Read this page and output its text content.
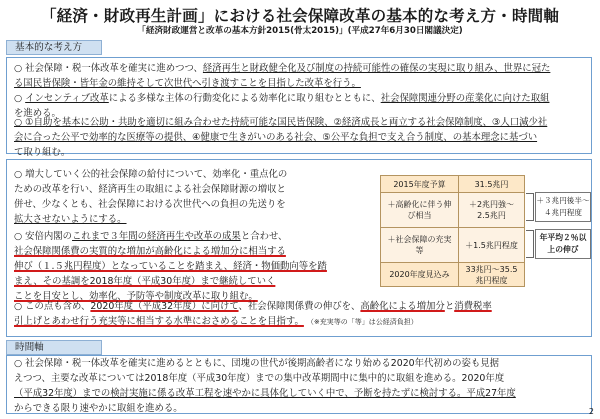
「経済・財政再生計画」における社会保障改革の基本的な考え方・時間軸
「経済財政運営と改革の基本方針2015(骨太2015)」(平成27年6月30日閣議決定)
基本的な考え方
○ 社会保障・税一体改革を確実に進めつつ、経済再生と財政健全化及び制度の持続可能性の確保の実現に取り組み、世界に冠た
る国民皆保険・皆年金の維持そして次世代へ引き渡すことを目指した改革を行う。
○ インセンティブ改革による多様な主体の行動変化による効率化に取り組むとともに、社会保障関連分野の産業化に向けた取組
を進める。
○ ①自助を基本に公助・共助を適切に組み合わせた持続可能な国民皆保険、②経済成長と両立する社会保障制度、③人口減少社
会に合った公平で効率的な医療等の提供、④健康で生きがいのある社会、⑤公平な負担で支え合う制度、の基本理念に基づい
て取り組む。
○ 増大していく公的社会保障の給付について、効率化・重点化の
ための改革を行い、経済再生の取組による社会保障財源の増収と
併せ、少なくとも、社会保障における次世代への負担の先送りを
拡大させないようにする。
○ 安倍内閣のこれまで３年間の経済再生や改革の成果と合わせ、
社会保障関係費の実質的な増加が高齢化による増加分に相当する
伸び（１.５兆円程度）となっていることを踏まえ、経済・物価動向等を踏
まえ、その基調を2018年度（平成30年度）まで継続していく
ことを目安とし、効率化、予防等や制度改革に取り組む。
○ この点も含め、2020年度（平成32年度）に向けて、社会保障関係費の伸びを、高齢化による増加分と消費税率
引上げとあわせ行う充実等に相当する水準におさめることを目指す。 （※充実等の「等」は公経済負担）
2015年度予算	31.5兆円
＋高齢化に伴う伸び相当	＋2兆円強～2.5兆円
＋社会保障の充実等	＋1.5兆円程度
2020年度見込み	33兆円～35.5兆円程度
＋３兆円後半～４兆円程度
年平均２％以上の伸び
時間軸
○ 社会保障・税一体改革を確実に進めるとともに、団塊の世代が後期高齢者になり始める2020年代初めの姿も見据
えつつ、主要な改革については2018年度（平成30年度）までの集中改革期間中に集中的に取組を進める。2020年度
（平成32年度）までの検討実施に係る改革工程を速やかに具体化していく中で、予断を持たずに検討する。平成27年度
からできる限り速やかに取組を進める。	2
